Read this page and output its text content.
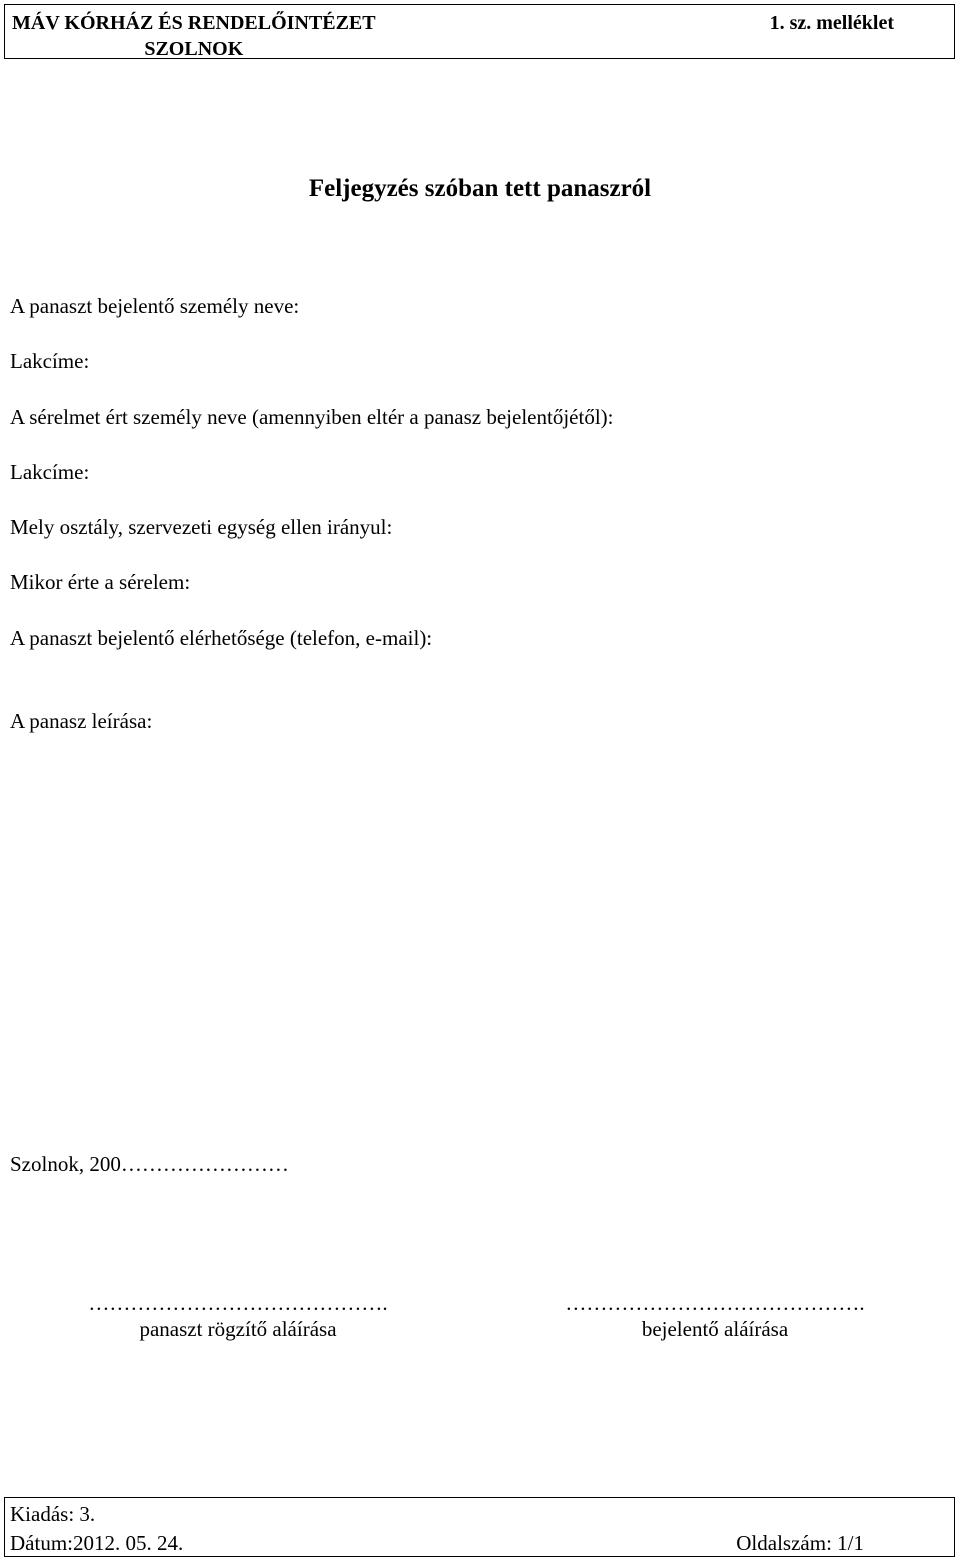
MÁV KÓRHÁZ ÉS RENDELŐINTÉZET
SZOLNOK
1. sz. melléklet
Feljegyzés szóban tett panaszról
A panaszt bejelentő személy neve:
Lakcíme:
A sérelmet ért személy neve (amennyiben eltér a panasz bejelentőjétől):
Lakcíme:
Mely osztály, szervezeti egység ellen irányul:
Mikor érte a sérelem:
A panaszt bejelentő elérhetősége (telefon, e-mail):
A panasz leírása:
Szolnok, 200……………………
…………………………………….
panaszt rögzítő aláírása
…………………………………….
bejelentő aláírása
Kiadás: 3.
Dátum:2012. 05. 24.	Oldalszám: 1/1
